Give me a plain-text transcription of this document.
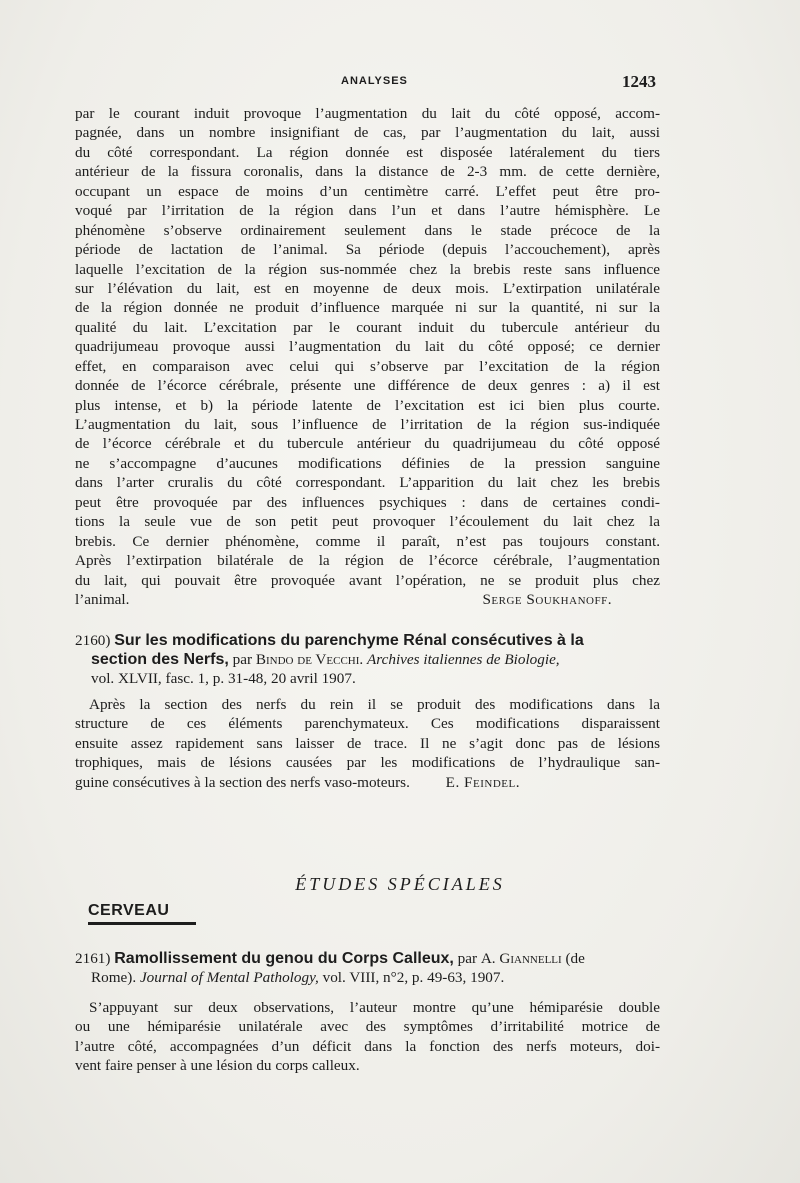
ANALYSES	1243
par le courant induit provoque l’augmentation du lait du côté opposé, accom-
pagnée, dans un nombre insignifiant de cas, par l’augmentation du lait, aussi
du côté correspondant. La région donnée est disposée latéralement du tiers
antérieur de la fissura coronalis, dans la distance de 2-3 mm. de cette dernière,
occupant un espace de moins d’un centimètre carré. L’effet peut être pro-
voqué par l’irritation de la région dans l’un et dans l’autre hémisphère. Le
phénomène s’observe ordinairement seulement dans le stade précoce de la
période de lactation de l’animal. Sa période (depuis l’accouchement), après
laquelle l’excitation de la région sus-nommée chez la brebis reste sans influence
sur l’élévation du lait, est en moyenne de deux mois. L’extirpation unilatérale
de la région donnée ne produit d’influence marquée ni sur la quantité, ni sur la
qualité du lait. L’excitation par le courant induit du tubercule antérieur du
quadrijumeau provoque aussi l’augmentation du lait du côté opposé; ce dernier
effet, en comparaison avec celui qui s’observe par l’excitation de la région
donnée de l’écorce cérébrale, présente une différence de deux genres : a) il est
plus intense, et b) la période latente de l’excitation est ici bien plus courte.
L’augmentation du lait, sous l’influence de l’irritation de la région sus-indiquée
de l’écorce cérébrale et du tubercule antérieur du quadrijumeau du côté opposé
ne s’accompagne d’aucunes modifications définies de la pression sanguine
dans l’arter cruralis du côté correspondant. L’apparition du lait chez les brebis
peut être provoquée par des influences psychiques : dans de certaines condi-
tions la seule vue de son petit peut provoquer l’écoulement du lait chez la
brebis. Ce dernier phénomène, comme il paraît, n’est pas toujours constant.
Après l’extirpation bilatérale de la région de l’écorce cérébrale, l’augmentation
du lait, qui pouvait être provoquée avant l’opération, ne se produit plus chez
l’animal.	Serge Soukhanoff.
2160) Sur les modifications du parenchyme Rénal consécutives à la
section des Nerfs, par Bindo de Vecchi. Archives italiennes de Biologie,
vol. XLVII, fasc. 1, p. 31-48, 20 avril 1907.
Après la section des nerfs du rein il se produit des modifications dans la
structure de ces éléments parenchymateux. Ces modifications disparaissent
ensuite assez rapidement sans laisser de trace. Il ne s’agit donc pas de lésions
trophiques, mais de lésions causées par les modifications de l’hydraulique san-
guine consécutives à la section des nerfs vaso-moteurs. E. Feindel.
ÉTUDES SPÉCIALES
CERVEAU
2161) Ramollissement du genou du Corps Calleux, par A. Giannelli (de
Rome). Journal of Mental Pathology, vol. VIII, n°2, p. 49-63, 1907.
S’appuyant sur deux observations, l’auteur montre qu’une hémiparésie double
ou une hémiparésie unilatérale avec des symptômes d’irritabilité motrice de
l’autre côté, accompagnées d’un déficit dans la fonction des nerfs moteurs, doi-
vent faire penser à une lésion du corps calleux.
